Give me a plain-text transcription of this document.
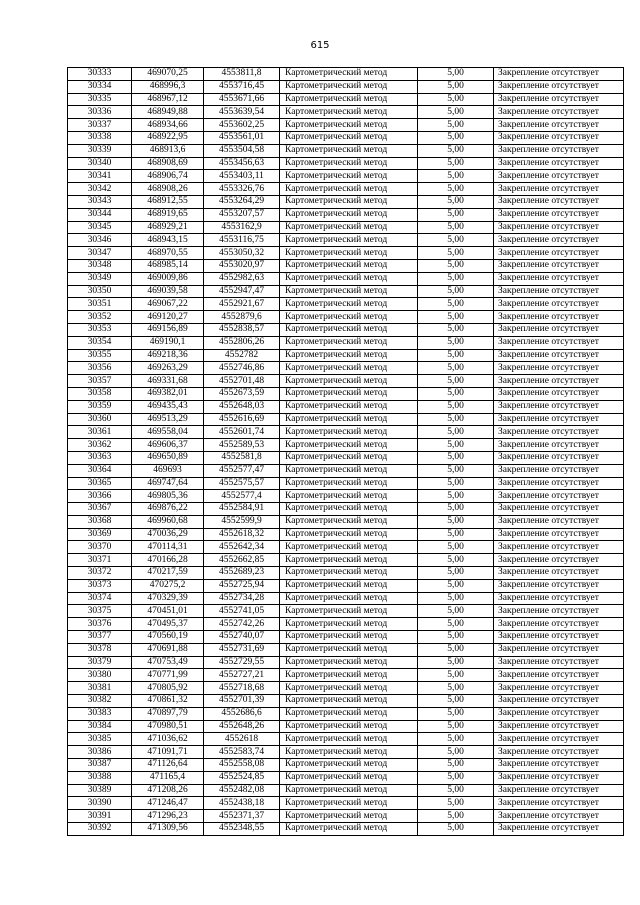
615
30333	469070,25	4553811,8	Картометрический метод	5,00	Закрепление отсутствует
30334	468996,3	4553716,45	Картометрический метод	5,00	Закрепление отсутствует
30335	468967,12	4553671,66	Картометрический метод	5,00	Закрепление отсутствует
30336	468949,88	4553639,54	Картометрический метод	5,00	Закрепление отсутствует
30337	468934,66	4553602,25	Картометрический метод	5,00	Закрепление отсутствует
30338	468922,95	4553561,01	Картометрический метод	5,00	Закрепление отсутствует
30339	468913,6	4553504,58	Картометрический метод	5,00	Закрепление отсутствует
30340	468908,69	4553456,63	Картометрический метод	5,00	Закрепление отсутствует
30341	468906,74	4553403,11	Картометрический метод	5,00	Закрепление отсутствует
30342	468908,26	4553326,76	Картометрический метод	5,00	Закрепление отсутствует
30343	468912,55	4553264,29	Картометрический метод	5,00	Закрепление отсутствует
30344	468919,65	4553207,57	Картометрический метод	5,00	Закрепление отсутствует
30345	468929,21	4553162,9	Картометрический метод	5,00	Закрепление отсутствует
30346	468943,15	4553116,75	Картометрический метод	5,00	Закрепление отсутствует
30347	468970,55	4553050,32	Картометрический метод	5,00	Закрепление отсутствует
30348	468985,14	4553020,97	Картометрический метод	5,00	Закрепление отсутствует
30349	469009,86	4552982,63	Картометрический метод	5,00	Закрепление отсутствует
30350	469039,58	4552947,47	Картометрический метод	5,00	Закрепление отсутствует
30351	469067,22	4552921,67	Картометрический метод	5,00	Закрепление отсутствует
30352	469120,27	4552879,6	Картометрический метод	5,00	Закрепление отсутствует
30353	469156,89	4552838,57	Картометрический метод	5,00	Закрепление отсутствует
30354	469190,1	4552806,26	Картометрический метод	5,00	Закрепление отсутствует
30355	469218,36	4552782	Картометрический метод	5,00	Закрепление отсутствует
30356	469263,29	4552746,86	Картометрический метод	5,00	Закрепление отсутствует
30357	469331,68	4552701,48	Картометрический метод	5,00	Закрепление отсутствует
30358	469382,01	4552673,59	Картометрический метод	5,00	Закрепление отсутствует
30359	469435,43	4552648,03	Картометрический метод	5,00	Закрепление отсутствует
30360	469513,29	4552616,69	Картометрический метод	5,00	Закрепление отсутствует
30361	469558,04	4552601,74	Картометрический метод	5,00	Закрепление отсутствует
30362	469606,37	4552589,53	Картометрический метод	5,00	Закрепление отсутствует
30363	469650,89	4552581,8	Картометрический метод	5,00	Закрепление отсутствует
30364	469693	4552577,47	Картометрический метод	5,00	Закрепление отсутствует
30365	469747,64	4552575,57	Картометрический метод	5,00	Закрепление отсутствует
30366	469805,36	4552577,4	Картометрический метод	5,00	Закрепление отсутствует
30367	469876,22	4552584,91	Картометрический метод	5,00	Закрепление отсутствует
30368	469960,68	4552599,9	Картометрический метод	5,00	Закрепление отсутствует
30369	470036,29	4552618,32	Картометрический метод	5,00	Закрепление отсутствует
30370	470114,31	4552642,34	Картометрический метод	5,00	Закрепление отсутствует
30371	470166,28	4552662,85	Картометрический метод	5,00	Закрепление отсутствует
30372	470217,59	4552689,23	Картометрический метод	5,00	Закрепление отсутствует
30373	470275,2	4552725,94	Картометрический метод	5,00	Закрепление отсутствует
30374	470329,39	4552734,28	Картометрический метод	5,00	Закрепление отсутствует
30375	470451,01	4552741,05	Картометрический метод	5,00	Закрепление отсутствует
30376	470495,37	4552742,26	Картометрический метод	5,00	Закрепление отсутствует
30377	470560,19	4552740,07	Картометрический метод	5,00	Закрепление отсутствует
30378	470691,88	4552731,69	Картометрический метод	5,00	Закрепление отсутствует
30379	470753,49	4552729,55	Картометрический метод	5,00	Закрепление отсутствует
30380	470771,99	4552727,21	Картометрический метод	5,00	Закрепление отсутствует
30381	470805,92	4552718,68	Картометрический метод	5,00	Закрепление отсутствует
30382	470861,32	4552701,39	Картометрический метод	5,00	Закрепление отсутствует
30383	470897,79	4552686,6	Картометрический метод	5,00	Закрепление отсутствует
30384	470980,51	4552648,26	Картометрический метод	5,00	Закрепление отсутствует
30385	471036,62	4552618	Картометрический метод	5,00	Закрепление отсутствует
30386	471091,71	4552583,74	Картометрический метод	5,00	Закрепление отсутствует
30387	471126,64	4552558,08	Картометрический метод	5,00	Закрепление отсутствует
30388	471165,4	4552524,85	Картометрический метод	5,00	Закрепление отсутствует
30389	471208,26	4552482,08	Картометрический метод	5,00	Закрепление отсутствует
30390	471246,47	4552438,18	Картометрический метод	5,00	Закрепление отсутствует
30391	471296,23	4552371,37	Картометрический метод	5,00	Закрепление отсутствует
30392	471309,56	4552348,55	Картометрический метод	5,00	Закрепление отсутствует
